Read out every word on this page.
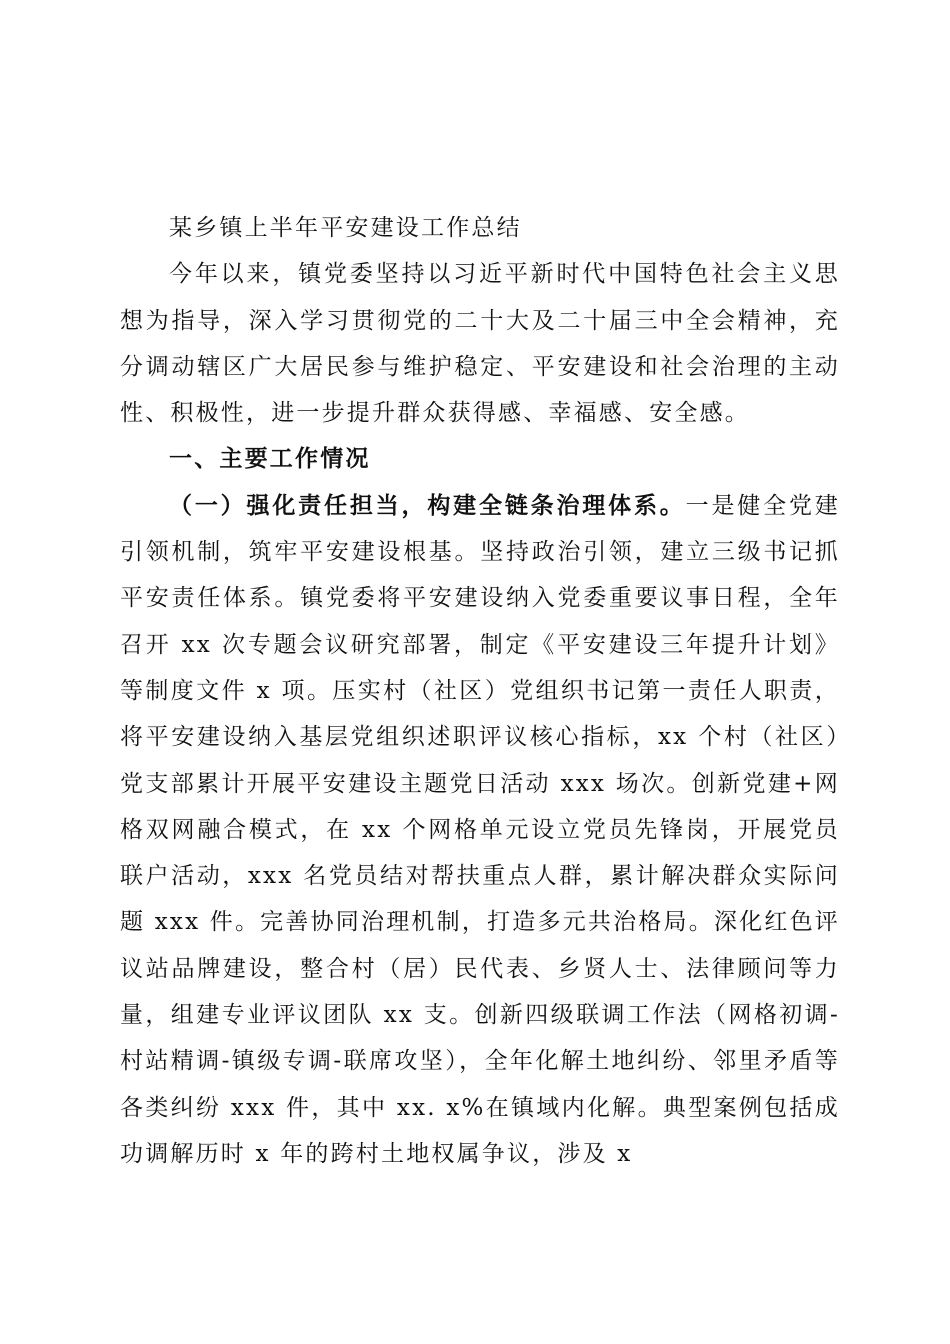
某乡镇上半年平安建设工作总结

今年以来，镇党委坚持以习近平新时代中国特色社会主义思想为指导，深入学习贯彻党的二十大及二十届三中全会精神，充分调动辖区广大居民参与维护稳定、平安建设和社会治理的主动性、积极性，进一步提升群众获得感、幸福感、安全感。

一、主要工作情况

（一）强化责任担当，构建全链条治理体系。一是健全党建引领机制，筑牢平安建设根基。坚持政治引领，建立三级书记抓平安责任体系。镇党委将平安建设纳入党委重要议事日程，全年召开 xx 次专题会议研究部署，制定《平安建设三年提升计划》等制度文件 x 项。压实村（社区）党组织书记第一责任人职责，将平安建设纳入基层党组织述职评议核心指标，xx 个村（社区）党支部累计开展平安建设主题党日活动 xxx 场次。创新党建+网格双网融合模式，在 xx 个网格单元设立党员先锋岗，开展党员联户活动，xxx 名党员结对帮扶重点人群，累计解决群众实际问题 xxx 件。完善协同治理机制，打造多元共治格局。深化红色评议站品牌建设，整合村（居）民代表、乡贤人士、法律顾问等力量，组建专业评议团队 xx 支。创新四级联调工作法（网格初调-村站精调-镇级专调-联席攻坚），全年化解土地纠纷、邻里矛盾等各类纠纷 xxx 件，其中 xx. x%在镇域内化解。典型案例包括成功调解历时 x 年的跨村土地权属争议，涉及 x
